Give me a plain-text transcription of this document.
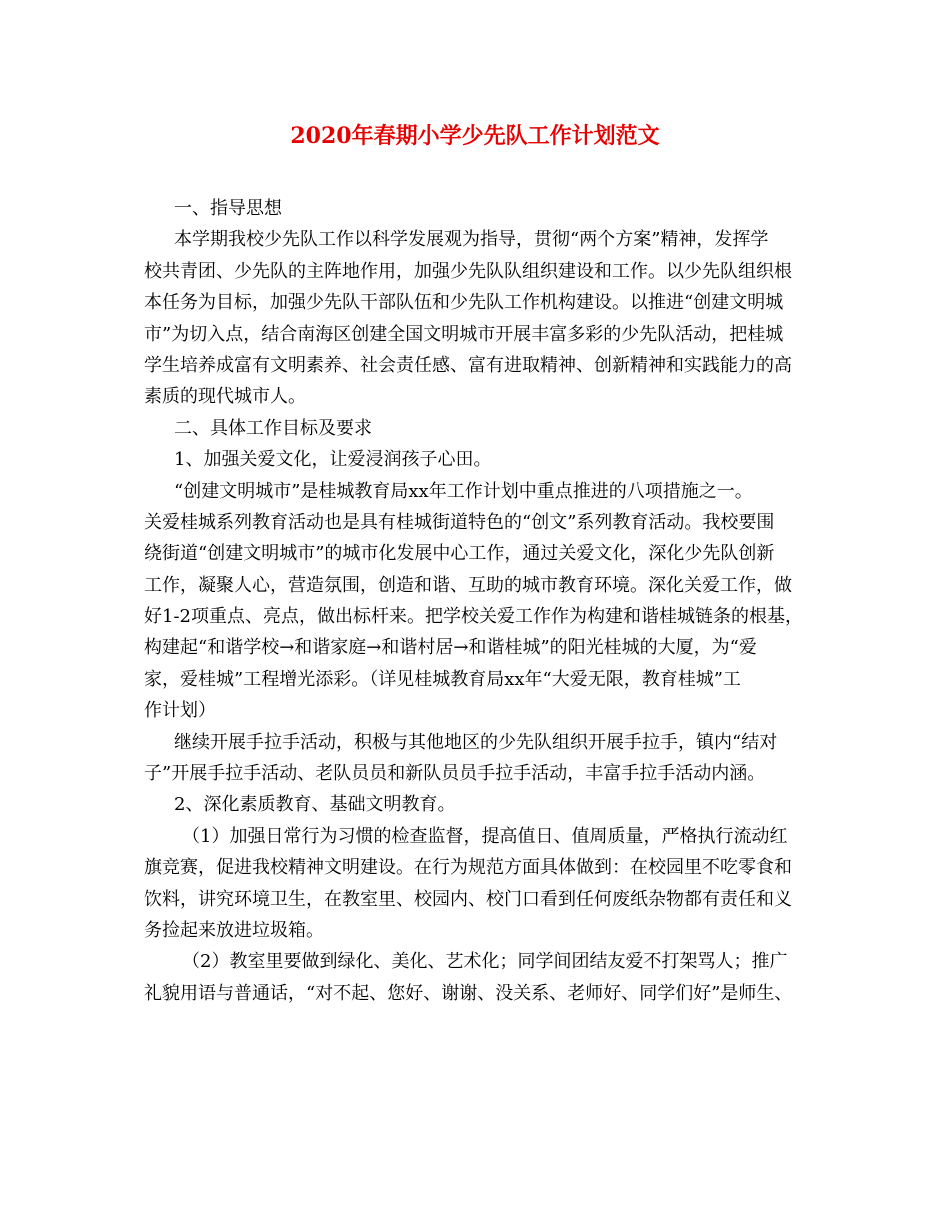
2020年春期小学少先队工作计划范文
一、指导思想
本学期我校少先队工作以科学发展观为指导，贯彻“两个方案”精神，发挥学
校共青团、少先队的主阵地作用，加强少先队队组织建设和工作。以少先队组织根
本任务为目标，加强少先队干部队伍和少先队工作机构建设。以推进“创建文明城
市”为切入点，结合南海区创建全国文明城市开展丰富多彩的少先队活动，把桂城
学生培养成富有文明素养、社会责任感、富有进取精神、创新精神和实践能力的高
素质的现代城市人。
二、具体工作目标及要求
1、加强关爱文化，让爱浸润孩子心田。
“创建文明城市”是桂城教育局xx年工作计划中重点推进的八项措施之一。
关爱桂城系列教育活动也是具有桂城街道特色的“创文”系列教育活动。我校要围
绕街道“创建文明城市”的城市化发展中心工作，通过关爱文化，深化少先队创新
工作，凝聚人心，营造氛围，创造和谐、互助的城市教育环境。深化关爱工作，做
好1-2项重点、亮点，做出标杆来。把学校关爱工作作为构建和谐桂城链条的根基，
构建起“和谐学校→和谐家庭→和谐村居→和谐桂城”的阳光桂城的大厦，为“爱
家，爱桂城”工程增光添彩。（详见桂城教育局xx年“大爱无限，教育桂城”工
作计划）
继续开展手拉手活动，积极与其他地区的少先队组织开展手拉手，镇内“结对
子”开展手拉手活动、老队员员和新队员员手拉手活动，丰富手拉手活动内涵。
2、深化素质教育、基础文明教育。
（1）加强日常行为习惯的检查监督，提高值日、值周质量，严格执行流动红
旗竞赛，促进我校精神文明建设。在行为规范方面具体做到：在校园里不吃零食和
饮料，讲究环境卫生，在教室里、校园内、校门口看到任何废纸杂物都有责任和义
务捡起来放进垃圾箱。
（2）教室里要做到绿化、美化、艺术化；同学间团结友爱不打架骂人；推广
礼貌用语与普通话，“对不起、您好、谢谢、没关系、老师好、同学们好”是师生、
